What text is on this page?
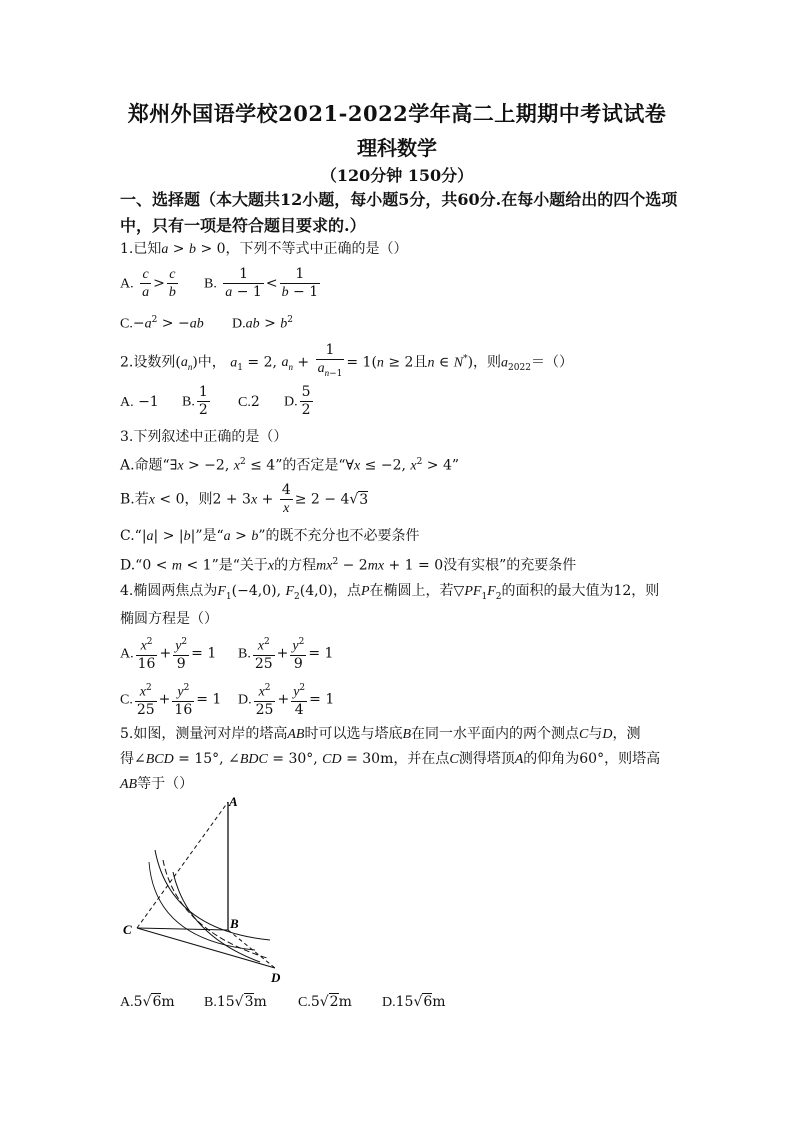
郑州外国语学校2021-2022学年高二上期期中考试试卷
理科数学
（120分钟 150分）
一、选择题（本大题共12小题，每小题5分，共60分.在每小题给出的四个选项
中，只有一项是符合题目要求的.）
1.已知a > b > 0，下列不等式中正确的是（）
A. $\frac{c}{a} > \frac{c}{b} B$. $\frac{1}{a - 1} < \frac{1}{b - 1}$
$C.-a^2 > -ab$ $D.ab > b^2$
2.设数列$(a_n)$中， $a_1 = 2$, $a_n + \frac{1}{a_{n-1}} = 1(n \ge 2$且n ∈ N*)，则$a_{2022}=()$
A. −1 B. $\frac{1}{2} C.2$ D. $\frac{5}{2}$
3.下列叙述中正确的是（）
A.命题“∃x > −2, $x^2 \le 4$”的否定是“∀x ≤ −2, $x^2 > 4$”
B.若x < 0，则$2 + 3x + \frac{4}{x} \ge 2 - 4√3$
C.“|a| > |b|”是“a > b”的既不充分也不必要条件
D.“0 < m < 1”是“关于x的方程$mx^2 - 2mx + 1 = 0$没有实根”的充要条件
4.椭圆两焦点为$F_1(-4,0)$, $F_2(4,0)$，点P在椭圆上，若$▽PF_1F_2$的面积的最大值为12，则
椭圆方程是（）
A. $\frac{x^2}{16} + \frac{y^2}{9} = 1$ B. $\frac{x^2}{25} + \frac{y^2}{9} = 1$
C. $\frac{x^2}{25} + \frac{y^2}{16} = 1$ D. $\frac{x^2}{25} + \frac{y^2}{4} = 1$
5.如图，测量河对岸的塔高AB时可以选与塔底B在同一水平面内的两个测点C与D，测
得∠BCD = 15°, ∠BDC = 30°, CD = 30m，并在点C测得塔顶A的仰角为60°，则塔高
AB等于（）
A
B
C
D
A.5√6m B.15√3m C.5√2m D.15√6m
